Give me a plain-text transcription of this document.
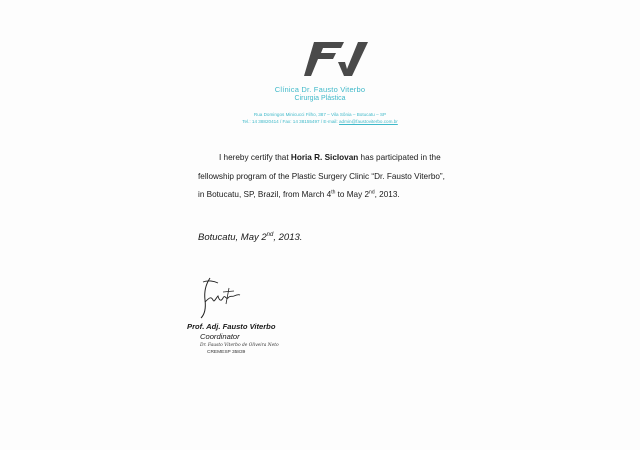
Clínica Dr. Fausto Viterbo
Cirurgia Plástica
Rua Domingos Minicucci Filho, 387 – Vila Sônia – Botucatu – SP
Tel.: 14 38820414 / Fax: 14 38155497 / E-mail: admin@faustoviterbo.com.br
I hereby certify that Horia R. Siclovan has participated in the
fellowship program of the Plastic Surgery Clinic “Dr. Fausto Viterbo”,
in Botucatu, SP, Brazil, from March 4th to May 2nd, 2013.
Botucatu, May 2nd, 2013.
Prof. Adj. Fausto Viterbo
Coordinator
Dr. Fausto Viterbo de Oliveira Neto
CREMESP 35839
